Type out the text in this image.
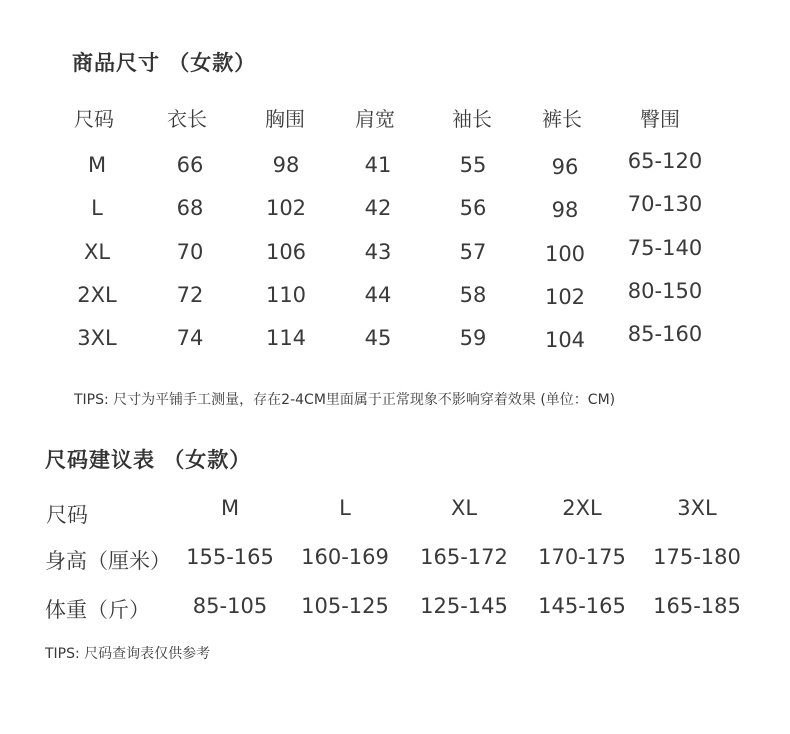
商品尺寸 （女款）
尺码	衣长	胸围	肩宽	袖长	裤长	臀围
M	66	98	41	55	96	65-120
L	68	102	42	56	98	70-130
XL	70	106	43	57	100	75-140
2XL	72	110	44	58	102	80-150
3XL	74	114	45	59	104	85-160
TIPS: 尺寸为平铺手工测量，存在2-4CM里面属于正常现象不影响穿着效果 (单位：CM)
尺码建议表 （女款）
尺码	M	L	XL	2XL	3XL
身高（厘米） 155-165	160-169	165-172	170-175	175-180
体重（斤）	85-105	105-125	125-145	145-165	165-185
TIPS: 尺码查询表仅供参考
